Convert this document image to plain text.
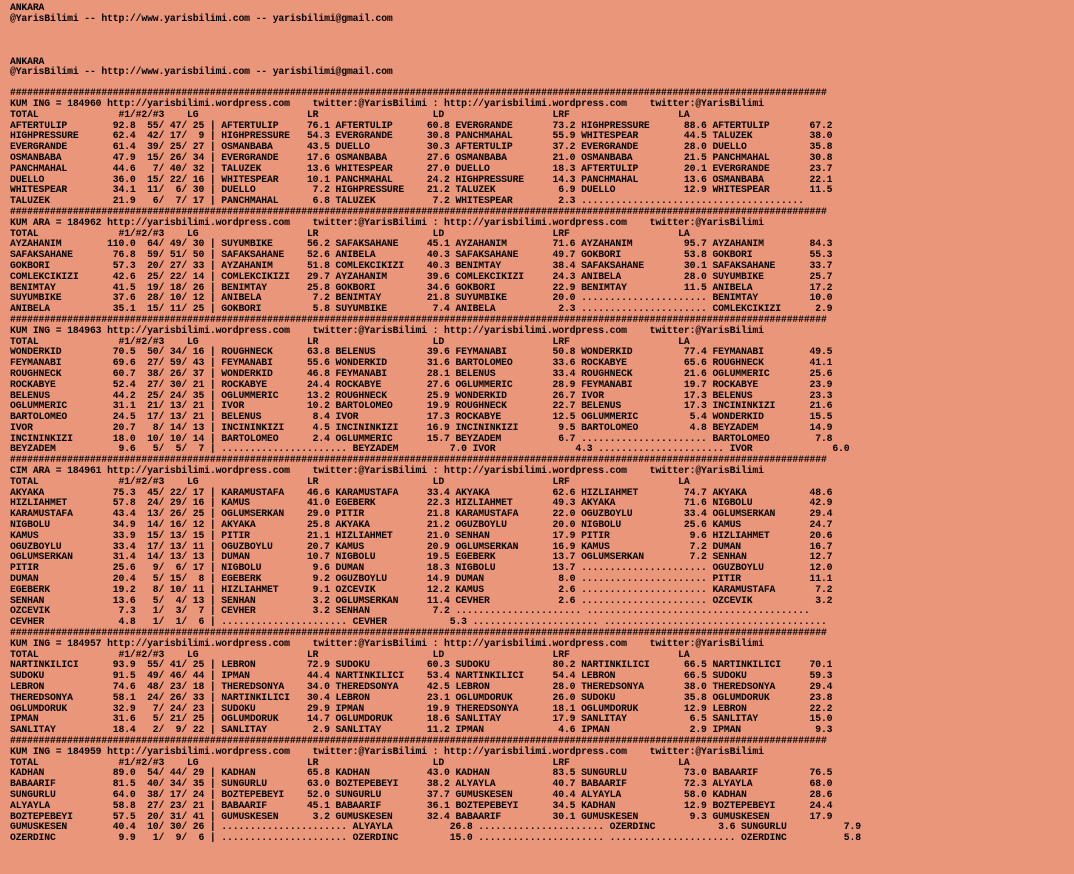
ANKARA
@YarisBilimi -- http://www.yarisbilimi.com -- yarisbilimi@gmail.com
ANKARA
@YarisBilimi -- http://www.yarisbilimi.com -- yarisbilimi@gmail.com
###############################################################################################################################################
KUM ING = 184960 http://yarisbilimi.wordpress.com    twitter:@YarisBilimi : http://yarisbilimi.wordpress.com    twitter:@YarisBilimi
TOTAL              #1/#2/#3    LG                   LR                    LD                   LRF                   LA
AFTERTULIP        92.8  55/ 47/ 25 | AFTERTULIP     76.1 AFTERTULIP      60.8 EVERGRANDE       73.2 HIGHPRESSURE      88.6 AFTERTULIP       67.2
HIGHPRESSURE      62.4  42/ 17/  9 | HIGHPRESSURE   54.3 EVERGRANDE      30.8 PANCHMAHAL       55.9 WHITESPEAR        44.5 TALUZEK          38.0
EVERGRANDE        61.4  39/ 25/ 27 | OSMANBABA      43.5 DUELLO          30.3 AFTERTULIP       37.2 EVERGRANDE        28.0 DUELLO           35.8
OSMANBABA         47.9  15/ 26/ 34 | EVERGRANDE     17.6 OSMANBABA       27.6 OSMANBABA        21.0 OSMANBABA         21.5 PANCHMAHAL       30.8
PANCHMAHAL        44.6   7/ 40/ 32 | TALUZEK        13.6 WHITESPEAR      27.0 DUELLO           18.3 AFTERTULIP        20.1 EVERGRANDE       23.7
DUELLO            36.0  15/ 22/ 16 | WHITESPEAR     10.1 PANCHMAHAL      24.2 HIGHPRESSURE     14.3 PANCHMAHAL        13.6 OSMANBABA        22.1
WHITESPEAR        34.1  11/  6/ 30 | DUELLO          7.2 HIGHPRESSURE    21.2 TALUZEK           6.9 DUELLO            12.9 WHITESPEAR       11.5
TALUZEK           21.9   6/  7/ 17 | PANCHMAHAL      6.8 TALUZEK          7.2 WHITESPEAR        2.3 .......................................
###############################################################################################################################################
KUM ARA = 184962 http://yarisbilimi.wordpress.com    twitter:@YarisBilimi : http://yarisbilimi.wordpress.com    twitter:@YarisBilimi
TOTAL              #1/#2/#3    LG                   LR                    LD                   LRF                   LA
AYZAHANIM        110.0  64/ 49/ 30 | SUYUMBIKE      56.2 SAFAKSAHANE     45.1 AYZAHANIM        71.6 AYZAHANIM         95.7 AYZAHANIM        84.3
SAFAKSAHANE       76.8  59/ 51/ 50 | SAFAKSAHANE    52.6 ANIBELA         40.3 SAFAKSAHANE      49.7 GOKBORI           53.8 GOKBORI          55.3
GOKBORI           57.3  20/ 27/ 33 | AYZAHANIM      51.8 COMLEKCIKIZI    40.3 BENIMTAY         38.4 SAFAKSAHANE       30.1 SAFAKSAHANE      33.7
COMLEKCIKIZI      42.6  25/ 22/ 14 | COMLEKCIKIZI   29.7 AYZAHANIM       39.6 COMLEKCIKIZI     24.3 ANIBELA           28.0 SUYUMBIKE        25.7
BENIMTAY          41.5  19/ 18/ 26 | BENIMTAY       25.8 GOKBORI         34.6 GOKBORI          22.9 BENIMTAY          11.5 ANIBELA          17.2
SUYUMBIKE         37.6  28/ 10/ 12 | ANIBELA         7.2 BENIMTAY        21.8 SUYUMBIKE        20.0 ...................... BENIMTAY         10.0
ANIBELA           35.1  15/ 11/ 25 | GOKBORI         5.8 SUYUMBIKE        7.4 ANIBELA           2.3 ...................... COMLEKCIKIZI      2.9
###############################################################################################################################################
KUM ING = 184963 http://yarisbilimi.wordpress.com    twitter:@YarisBilimi : http://yarisbilimi.wordpress.com    twitter:@YarisBilimi
TOTAL              #1/#2/#3    LG                   LR                    LD                   LRF                   LA
WONDERKID         70.5  50/ 34/ 16 | ROUGHNECK      63.8 BELENUS         39.6 FEYMANABI        50.8 WONDERKID         77.4 FEYMANABI        49.5
FEYMANABI         69.6  27/ 59/ 43 | FEYMANABI      55.6 WONDERKID       31.6 BARTOLOMEO       33.6 ROCKABYE          65.6 ROUGHNECK        41.1
ROUGHNECK         60.7  38/ 26/ 37 | WONDERKID      46.8 FEYMANABI       28.1 BELENUS          33.4 ROUGHNECK         21.6 OGLUMMERIC       25.6
ROCKABYE          52.4  27/ 30/ 21 | ROCKABYE       24.4 ROCKABYE        27.6 OGLUMMERIC       28.9 FEYMANABI         19.7 ROCKABYE         23.9
BELENUS           44.2  25/ 24/ 35 | OGLUMMERIC     13.2 ROUGHNECK       25.9 WONDERKID        26.7 IVOR              17.3 BELENUS          23.3
OGLUMMERIC        31.1  21/ 13/ 21 | IVOR           10.2 BARTOLOMEO      19.9 ROUGHNECK        22.7 BELENUS           17.3 INCININKIZI      21.6
BARTOLOMEO        24.5  17/ 13/ 21 | BELENUS         8.4 IVOR            17.3 ROCKABYE         12.5 OGLUMMERIC         5.4 WONDERKID        15.5
IVOR              20.7   8/ 14/ 13 | INCININKIZI     4.5 INCININKIZI     16.9 INCININKIZI       9.5 BARTOLOMEO         4.8 BEYZADEM         14.9
INCININKIZI       18.0  10/ 10/ 14 | BARTOLOMEO      2.4 OGLUMMERIC      15.7 BEYZADEM          6.7 ...................... BARTOLOMEO        7.8
BEYZADEM           9.6   5/  5/  7 | ...................... BEYZADEM         7.0 IVOR              4.3 ...................... IVOR              6.0
###############################################################################################################################################
CIM ARA = 184961 http://yarisbilimi.wordpress.com    twitter:@YarisBilimi : http://yarisbilimi.wordpress.com    twitter:@YarisBilimi
TOTAL              #1/#2/#3    LG                   LR                    LD                   LRF                   LA
AKYAKA            75.3  45/ 22/ 17 | KARAMUSTAFA    46.6 KARAMUSTAFA     33.4 AKYAKA           62.6 HIZLIAHMET        74.7 AKYAKA           48.6
HIZLIAHMET        57.8  24/ 29/ 16 | KAMUS          41.0 EGEBERK         22.3 HIZLIAHMET       49.3 AKYAKA            71.6 NIGBOLU          42.9
KARAMUSTAFA       43.4  13/ 26/ 25 | OGLUMSERKAN    29.0 PITIR           21.8 KARAMUSTAFA      22.0 OGUZBOYLU         33.4 OGLUMSERKAN      29.4
NIGBOLU           34.9  14/ 16/ 12 | AKYAKA         25.8 AKYAKA          21.2 OGUZBOYLU        20.0 NIGBOLU           25.6 KAMUS            24.7
KAMUS             33.9  15/ 13/ 15 | PITIR          21.1 HIZLIAHMET      21.0 SENHAN           17.9 PITIR              9.6 HIZLIAHMET       20.6
OGUZBOYLU         33.4  17/ 13/ 11 | OGUZBOYLU      20.7 KAMUS           20.9 OGLUMSERKAN      16.9 KAMUS              7.2 DUMAN            16.7
OGLUMSERKAN       31.4  14/ 13/ 13 | DUMAN          10.7 NIGBOLU         19.5 EGEBERK          13.7 OGLUMSERKAN        7.2 SENHAN           12.7
PITIR             25.6   9/  6/ 17 | NIGBOLU         9.6 DUMAN           18.3 NIGBOLU          13.7 ...................... OGUZBOYLU        12.0
DUMAN             20.4   5/ 15/  8 | EGEBERK         9.2 OGUZBOYLU       14.9 DUMAN             8.0 ...................... PITIR            11.1
EGEBERK           19.2   8/ 10/ 11 | HIZLIAHMET      9.1 OZCEVIK         12.2 KAMUS             2.6 ...................... KARAMUSTAFA       7.2
SENHAN            13.6   5/  4/ 13 | SENHAN          3.2 OGLUMSERKAN     11.4 CEVHER            2.6 ...................... OZCEVIK           3.2
OZCEVIK            7.3   1/  3/  7 | CEVHER          3.2 SENHAN           7.2 ...................... .......................................
CEVHER             4.8   1/  1/  6 | ...................... CEVHER           5.3 ...................... .......................................
###############################################################################################################################################
KUM ING = 184957 http://yarisbilimi.wordpress.com    twitter:@YarisBilimi : http://yarisbilimi.wordpress.com    twitter:@YarisBilimi
TOTAL              #1/#2/#3    LG                   LR                    LD                   LRF                   LA
NARTINKILICI      93.9  55/ 41/ 25 | LEBRON         72.9 SUDOKU          60.3 SUDOKU           80.2 NARTINKILICI      66.5 NARTINKILICI     70.1
SUDOKU            91.5  49/ 46/ 44 | IPMAN          44.4 NARTINKILICI    53.4 NARTINKILICI     54.4 LEBRON            66.5 SUDOKU           59.3
LEBRON            74.6  48/ 23/ 18 | THEREDSONYA    34.0 THEREDSONYA     42.5 LEBRON           28.0 THEREDSONYA       38.0 THEREDSONYA      29.4
THEREDSONYA       58.1  24/ 26/ 33 | NARTINKILICI   30.4 LEBRON          23.1 OGLUMDORUK       26.0 SUDOKU            35.8 OGLUMDORUK       23.8
OGLUMDORUK        32.9   7/ 24/ 23 | SUDOKU         29.9 IPMAN           19.9 THEREDSONYA      18.1 OGLUMDORUK        12.9 LEBRON           22.2
IPMAN             31.6   5/ 21/ 25 | OGLUMDORUK     14.7 OGLUMDORUK      18.6 SANLITAY         17.9 SANLITAY           6.5 SANLITAY         15.0
SANLITAY          18.4   2/  9/ 22 | SANLITAY        2.9 SANLITAY        11.2 IPMAN             4.6 IPMAN              2.9 IPMAN             9.3
###############################################################################################################################################
KUM ING = 184959 http://yarisbilimi.wordpress.com    twitter:@YarisBilimi : http://yarisbilimi.wordpress.com    twitter:@YarisBilimi
TOTAL              #1/#2/#3    LG                   LR                    LD                   LRF                   LA
KADHAN            89.0  54/ 44/ 29 | KADHAN         65.8 KADHAN          43.0 KADHAN           83.5 SUNGURLU          73.0 BABAARIF         76.5
BABAARIF          81.5  40/ 34/ 35 | SUNGURLU       63.0 BOZTEPEBEYI     38.2 ALYAYLA          40.7 BABAARIF          72.3 ALYAYLA          68.0
SUNGURLU          64.0  38/ 17/ 24 | BOZTEPEBEYI    52.0 SUNGURLU        37.7 GUMUSKESEN       40.4 ALYAYLA           58.0 KADHAN           28.6
ALYAYLA           58.8  27/ 23/ 21 | BABAARIF       45.1 BABAARIF        36.1 BOZTEPEBEYI      34.5 KADHAN            12.9 BOZTEPEBEYI      24.4
BOZTEPEBEYI       57.5  20/ 31/ 41 | GUMUSKESEN      3.2 GUMUSKESEN      32.4 BABAARIF         30.1 GUMUSKESEN         9.3 GUMUSKESEN       17.9
GUMUSKESEN        40.4  10/ 30/ 26 | ...................... ALYAYLA          26.8 ...................... OZERDINC           3.6 SUNGURLU          7.9
OZERDINC           9.9   1/  9/  6 | ...................... OZERDINC         15.0 ...................... ...................... OZERDINC          5.8
